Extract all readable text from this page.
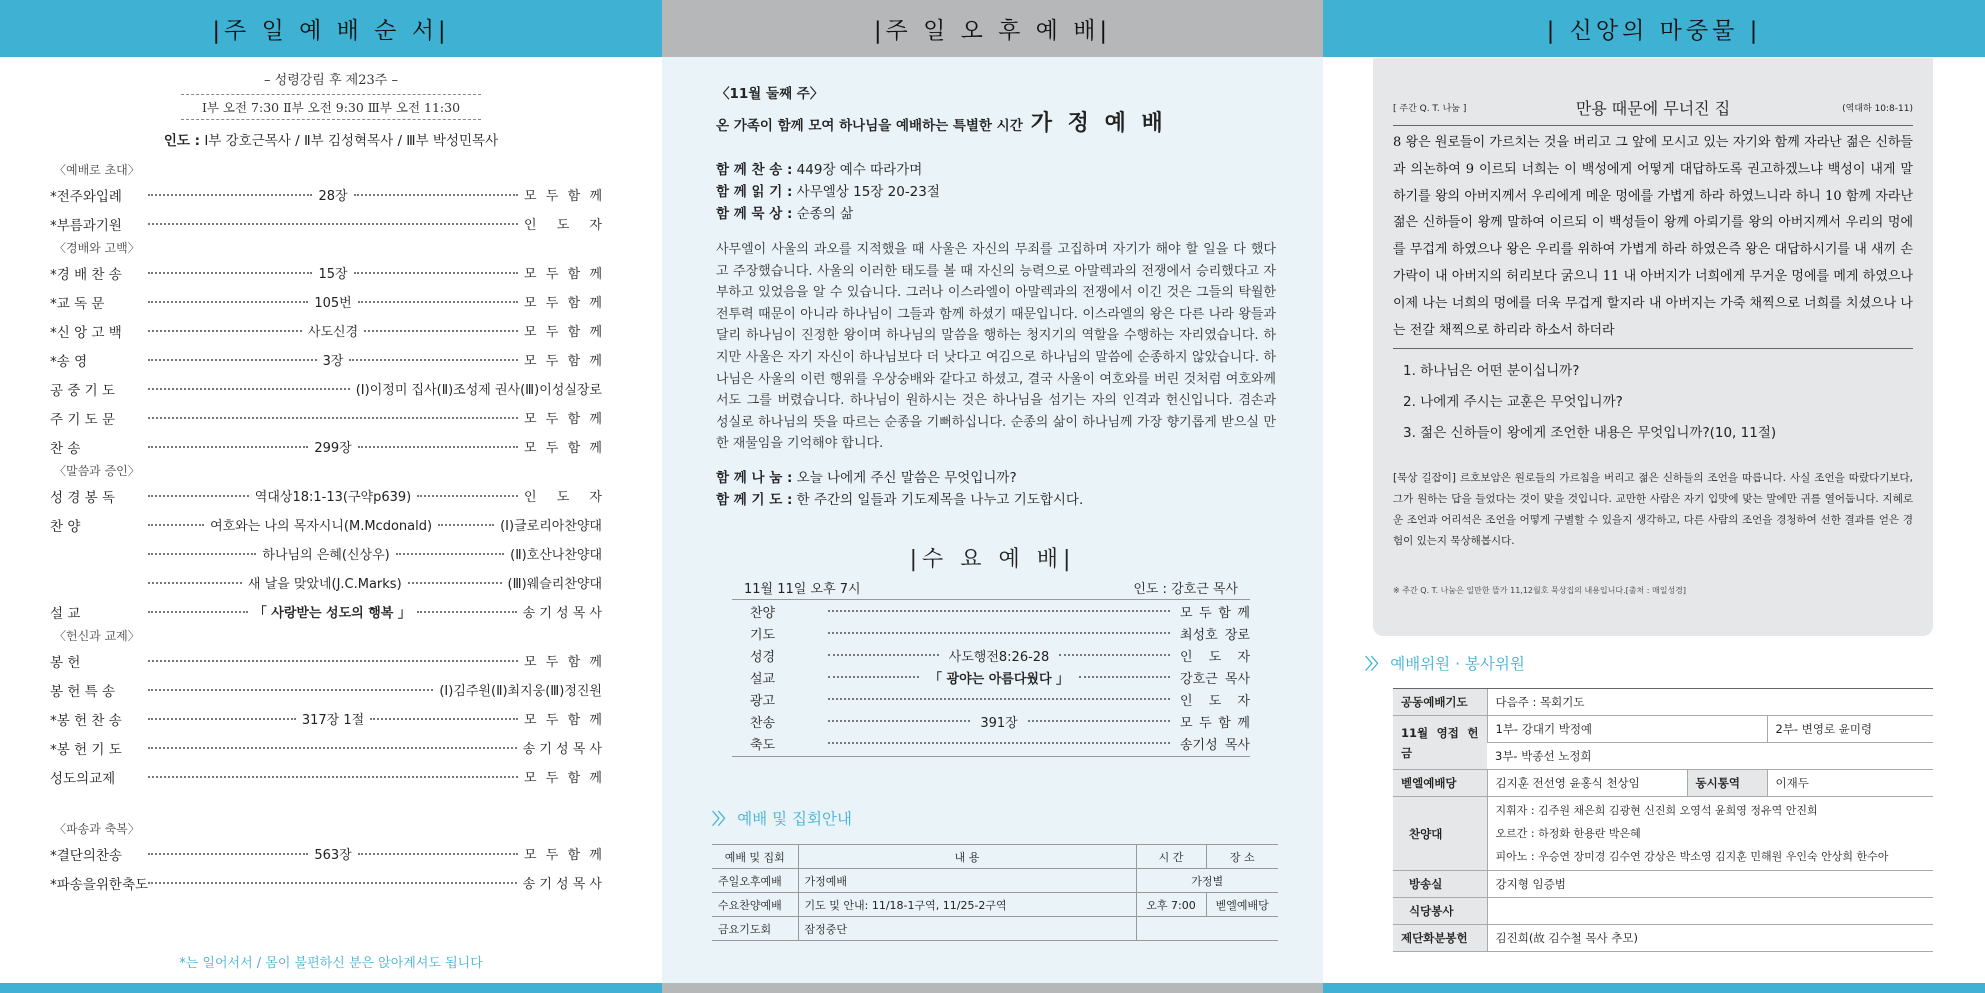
|주 일 예 배 순 서|
– 성령강림 후 제23주 –
Ⅰ부 오전 7:30 Ⅱ부 오전 9:30 Ⅲ부 오전 11:30
인도 : Ⅰ부 강호근목사 / Ⅱ부 김성혁목사 / Ⅲ부 박성민목사
〈예배로 초대〉
*전주와입례	28장	모 두 함 께
*부름과기원	인 도 자
〈경배와 고백〉
*경 배 찬 송	15장	모 두 함 께
*교 독 문	105번	모 두 함 께
*신 앙 고 백	사도신경	모 두 함 께
*송 영	3장	모 두 함 께
공 중 기 도	(Ⅰ)이정미 집사(Ⅱ)조성제 권사(Ⅲ)이성실장로
주 기 도 문	모 두 함 께
찬 송	299장	모 두 함 께
〈말씀과 증인〉
성 경 봉 독	역대상18:1-13(구약p639)	인 도 자
찬 양	여호와는 나의 목자시니(M.Mcdonald)	(Ⅰ)글로리아찬양대
하나님의 은혜(신상우)	(Ⅱ)호산나찬양대
새 날을 맞았네(J.C.Marks)	(Ⅲ)웨슬리찬양대
설 교	「 사랑받는 성도의 행복 」	송 기 성 목 사
〈헌신과 교제〉
봉 헌	모 두 함 께
봉 헌 특 송	(Ⅰ)김주원(Ⅱ)최지웅(Ⅲ)정진원
*봉 헌 찬 송	317장 1절	모 두 함 께
*봉 헌 기 도	송 기 성 목 사
성도의교제	모 두 함 께
〈파송과 축복〉
*결단의찬송	563장	모 두 함 께
*파송을위한축도	송 기 성 목 사
*는 일어서서 / 몸이 불편하신 분은 앉아계셔도 됩니다
|주 일 오 후 예 배|
〈11월 둘째 주〉
온 가족이 함께 모여 하나님을 예배하는 특별한 시간 가 정 예 배
함 께 찬 송 : 449장 예수 따라가며
함 께 읽 기 : 사무엘상 15장 20-23절
함 께 묵 상 : 순종의 삶

사무엘이 사울의 과오를 지적했을 때 사울은 자신의 무죄를 고집하며 자기가 해야 할 일을 다 했다고 주장했습니다. 사울의 이러한 태도를 볼 때 자신의 능력으로 아말렉과의 전쟁에서 승리했다고 자부하고 있었음을 알 수 있습니다. 그러나 이스라엘이 아말렉과의 전쟁에서 이긴 것은 그들의 탁월한 전투력 때문이 아니라 하나님이 그들과 함께 하셨기 때문입니다. 이스라엘의 왕은 다른 나라 왕들과 달리 하나님이 진정한 왕이며 하나님의 말씀을 행하는 청지기의 역할을 수행하는 자리였습니다. 하지만 사울은 자기 자신이 하나님보다 더 낫다고 여김으로 하나님의 말씀에 순종하지 않았습니다. 하나님은 사울의 이런 행위를 우상숭배와 같다고 하셨고, 결국 사울이 여호와를 버린 것처럼 여호와께서도 그를 버렸습니다. 하나님이 원하시는 것은 하나님을 섬기는 자의 인격과 헌신입니다. 겸손과 성실로 하나님의 뜻을 따르는 순종을 기뻐하십니다. 순종의 삶이 하나님께 가장 향기롭게 받으실 만한 재물임을 기억해야 합니다.

함 께 나 눔 : 오늘 나에게 주신 말씀은 무엇입니까?
함 께 기 도 : 한 주간의 일들과 기도제목을 나누고 기도합시다.
|수 요 예 배|
11월 11일 오후 7시	인도 : 강호근 목사
찬양	모 두 함 께
기도	최성호 장로
성경	사도행전8:26-28	인 도 자
설교	「 광야는 아름다웠다 」	강호근 목사
광고	인 도 자
찬송	391장	모 두 함 께
축도	송기성 목사
〉〉 예배 및 집회안내
예배 및 집회	내 용	시 간	장 소
주일오후예배	가정예배	가정별	
수요찬양예배	기도 및 안내: 11/18-1구역, 11/25-2구역	오후 7:00	벧엘예배당
금요기도회	잠정중단		
| 신앙의 마중물 |
[ 주간 Q. T. 나눔 ]	만용 때문에 무너진 집	(역대하 10:8-11)

8 왕은 원로들이 가르치는 것을 버리고 그 앞에 모시고 있는 자기와 함께 자라난 젊은 신하들과 의논하여 9 이르되 너희는 이 백성에게 어떻게 대답하도록 권고하겠느냐 백성이 내게 말하기를 왕의 아버지께서 우리에게 메운 멍에를 가볍게 하라 하였느니라 하니 10 함께 자라난 젊은 신하들이 왕께 말하여 이르되 이 백성들이 왕께 아뢰기를 왕의 아버지께서 우리의 멍에를 무겁게 하였으나 왕은 우리를 위하여 가볍게 하라 하였은즉 왕은 대답하시기를 내 새끼 손가락이 내 아버지의 허리보다 굵으니 11 내 아버지가 너희에게 무거운 멍에를 메게 하였으나 이제 나는 너희의 멍에를 더욱 무겁게 할지라 내 아버지는 가죽 채찍으로 너희를 치셨으나 나는 전갈 채찍으로 하리라 하소서 하더라

1. 하나님은 어떤 분이십니까?
2. 나에게 주시는 교훈은 무엇입니까?
3. 젊은 신하들이 왕에게 조언한 내용은 무엇입니까?(10, 11절)

[묵상 길잡이] 르호보암은 원로들의 가르침을 버리고 젊은 신하들의 조언을 따릅니다. 사실 조언을 따랐다기보다, 그가 원하는 답을 들었다는 것이 맞을 것입니다. 교만한 사람은 자기 입맛에 맞는 말에만 귀를 열어둡니다. 지혜로운 조언과 어리석은 조언을 어떻게 구별할 수 있을지 생각하고, 다른 사람의 조언을 경청하여 선한 결과를 얻은 경험이 있는지 묵상해봅시다.

※ 주간 Q. T. 나눔은 일만한 뜰가 11,12월호 묵상집의 내용입니다.[출처 : 매일성경]
〉〉 예배위원 · 봉사위원
공동예배기도	다음주 : 목회기도		
11월 영접 헌금	1부- 강대기 박정예		2부- 변영로 윤미령
	3부- 박종선 노정희		
벧엘예배당	김지훈 전선영 윤홍식 천상임	동시통역	이재두
찬양대	지휘자 : 김주원 채은희 김광현 신진희 오영석 윤희영 정유역 안진희
오르간 : 하정화 한용란 박은혜
피아노 : 우승연 장미경 김수연 강상은 박소영 김지훈 민해원 우인숙 안상희 한수아		

방송실	강지형 임증범		
식당봉사			
제단화분봉헌	김진희(故 김수철 목사 추모)		
